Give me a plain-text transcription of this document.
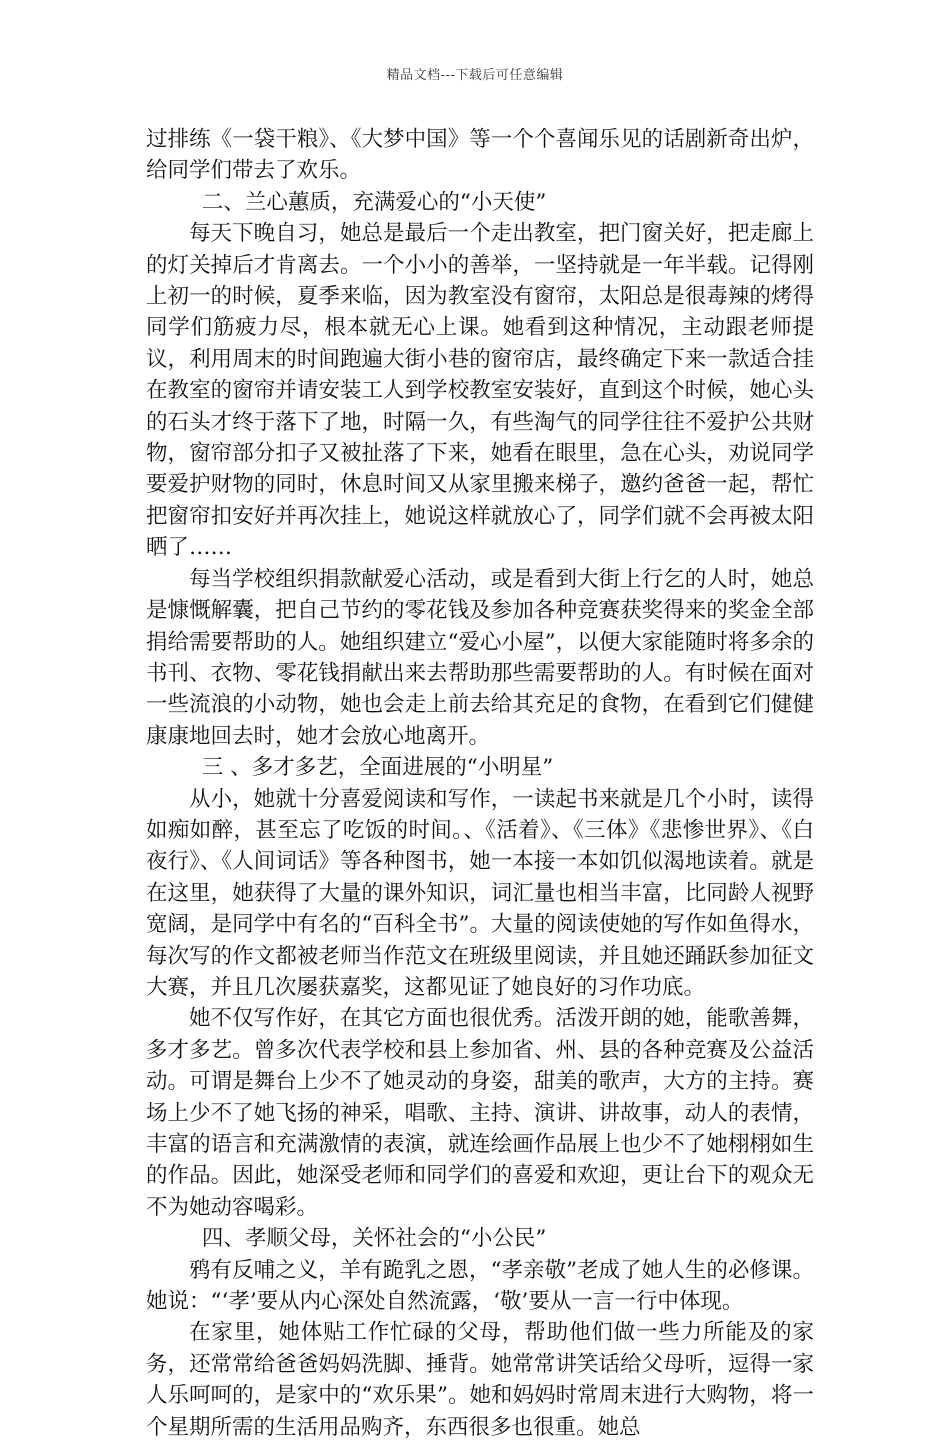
精品文档---下载后可任意编辑

过排练《一袋干粮》、《大梦中国》等一个个喜闻乐见的话剧新奇出炉，给同学们带去了欢乐。

二、兰心蕙质，充满爱心的“小天使”

每天下晚自习，她总是最后一个走出教室，把门窗关好，把走廊上的灯关掉后才肯离去。一个小小的善举，一坚持就是一年半载。记得刚上初一的时候，夏季来临，因为教室没有窗帘，太阳总是很毒辣的烤得同学们筋疲力尽，根本就无心上课。她看到这种情况，主动跟老师提议，利用周末的时间跑遍大街小巷的窗帘店，最终确定下来一款适合挂在教室的窗帘并请安装工人到学校教室安装好，直到这个时候，她心头的石头才终于落下了地，时隔一久，有些淘气的同学往往不爱护公共财物，窗帘部分扣子又被扯落了下来，她看在眼里，急在心头，劝说同学要爱护财物的同时，休息时间又从家里搬来梯子，邀约爸爸一起，帮忙把窗帘扣安好并再次挂上，她说这样就放心了，同学们就不会再被太阳晒了……

每当学校组织捐款献爱心活动，或是看到大街上行乞的人时，她总是慷慨解囊，把自己节约的零花钱及参加各种竞赛获奖得来的奖金全部捐给需要帮助的人。她组织建立“爱心小屋”，以便大家能随时将多余的书刊、衣物、零花钱捐献出来去帮助那些需要帮助的人。有时候在面对一些流浪的小动物，她也会走上前去给其充足的食物，在看到它们健健康康地回去时，她才会放心地离开。

三 、多才多艺，全面进展的“小明星”

从小，她就十分喜爱阅读和写作，一读起书来就是几个小时，读得如痴如醉，甚至忘了吃饭的时间。、《活着》、《三体》《悲惨世界》、《白夜行》、《人间词话》等各种图书，她一本接一本如饥似渴地读着。就是在这里，她获得了大量的课外知识，词汇量也相当丰富，比同龄人视野宽阔，是同学中有名的“百科全书”。大量的阅读使她的写作如鱼得水，每次写的作文都被老师当作范文在班级里阅读，并且她还踊跃参加征文大赛，并且几次屡获嘉奖，这都见证了她良好的习作功底。

她不仅写作好，在其它方面也很优秀。活泼开朗的她，能歌善舞，多才多艺。曾多次代表学校和县上参加省、州、县的各种竞赛及公益活动。可谓是舞台上少不了她灵动的身姿，甜美的歌声，大方的主持。赛场上少不了她飞扬的神采，唱歌、主持、演讲、讲故事，动人的表情，丰富的语言和充满激情的表演，就连绘画作品展上也少不了她栩栩如生的作品。因此，她深受老师和同学们的喜爱和欢迎，更让台下的观众无不为她动容喝彩。

四、孝顺父母，关怀社会的“小公民”

鸦有反哺之义，羊有跪乳之恩，“孝亲敬”老成了她人生的必修课。她说：“‘孝’要从内心深处自然流露，‘敬’要从一言一行中体现。

在家里，她体贴工作忙碌的父母，帮助他们做一些力所能及的家务，还常常给爸爸妈妈洗脚、捶背。她常常讲笑话给父母听，逗得一家人乐呵呵的，是家中的“欢乐果”。她和妈妈时常周末进行大购物，将一个星期所需的生活用品购齐，东西很多也很重。她总
